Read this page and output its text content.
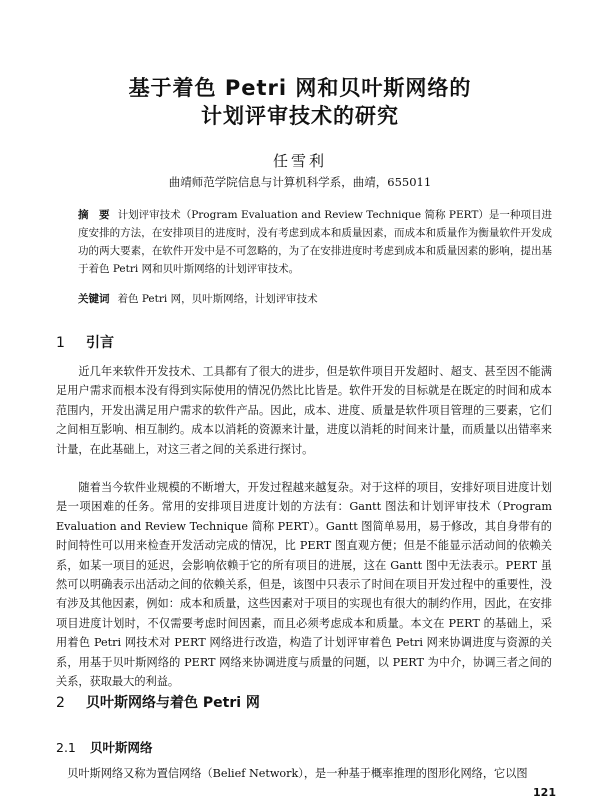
基于着色 Petri 网和贝叶斯网络的
计划评审技术的研究
任雪利
曲靖师范学院信息与计算机科学系，曲靖，655011
摘　要 计划评审技术（Program Evaluation and Review Technique 简称 PERT）是一种项目进度安排的方法，在安排项目的进度时，没有考虑到成本和质量因素，而成本和质量作为衡量软件开发成功的两大要素，在软件开发中是不可忽略的，为了在安排进度时考虑到成本和质量因素的影响，提出基于着色 Petri 网和贝叶斯网络的计划评审技术。
关键词 着色 Petri 网，贝叶斯网络，计划评审技术
1 引言
近几年来软件开发技术、工具都有了很大的进步，但是软件项目开发超时、超支、甚至因不能满足用户需求而根本没有得到实际使用的情况仍然比比皆是。软件开发的目标就是在既定的时间和成本范围内，开发出满足用户需求的软件产品。因此，成本、进度、质量是软件项目管理的三要素，它们之间相互影响、相互制约。成本以消耗的资源来计量，进度以消耗的时间来计量，而质量以出错率来计量，在此基础上，对这三者之间的关系进行探讨。
随着当今软件业规模的不断增大，开发过程越来越复杂。对于这样的项目，安排好项目进度计划是一项困难的任务。常用的安排项目进度计划的方法有：Gantt 图法和计划评审技术（Program Evaluation and Review Technique 简称 PERT）。Gantt 图简单易用，易于修改，其自身带有的时间特性可以用来检查开发活动完成的情况，比 PERT 图直观方便；但是不能显示活动间的依赖关系，如某一项目的延迟，会影响依赖于它的所有项目的进展，这在 Gantt 图中无法表示。PERT 虽然可以明确表示出活动之间的依赖关系，但是，该图中只表示了时间在项目开发过程中的重要性，没有涉及其他因素，例如：成本和质量，这些因素对于项目的实现也有很大的制约作用，因此，在安排项目进度计划时，不仅需要考虑时间因素，而且必须考虑成本和质量。本文在 PERT 的基础上，采用着色 Petri 网技术对 PERT 网络进行改造，构造了计划评审着色 Petri 网来协调进度与资源的关系，用基于贝叶斯网络的 PERT 网络来协调进度与质量的问题，以 PERT 为中介，协调三者之间的关系，获取最大的利益。
2 贝叶斯网络与着色 Petri 网
2.1 贝叶斯网络
贝叶斯网络又称为置信网络（Belief Network），是一种基于概率推理的图形化网络，它以图
121
